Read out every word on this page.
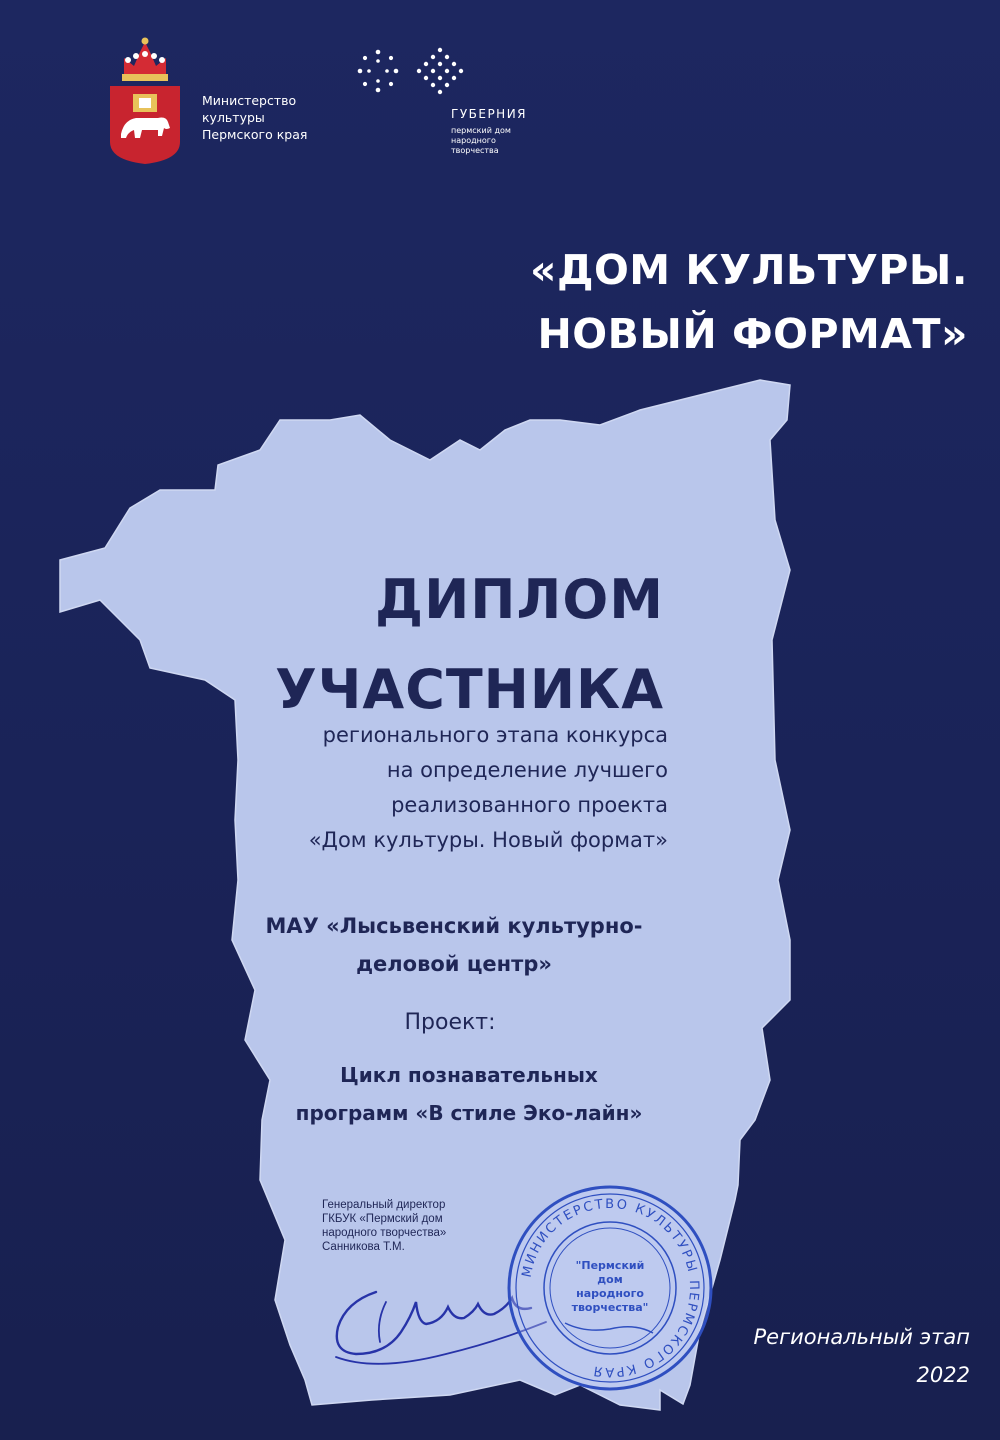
Министерство
культуры
Пермского края
ГУБЕРНИЯ
пермский дом
народного
творчества
«ДОМ КУЛЬТУРЫ.
НОВЫЙ ФОРМАТ»
ДИПЛОМ
УЧАСТНИКА
регионального этапа конкурса
на определение лучшего
реализованного проекта
«Дом культуры. Новый формат»
МАУ «Лысьвенский культурно-
деловой центр»
Проект:
Цикл познавательных
программ «В стиле Эко-лайн»
Генеральный директор
ГКБУК «Пермский дом
народного творчества»
Санникова Т.М.
МИНИСТЕРСТВО КУЛЬТУРЫ ПЕРМСКОГО КРАЯ
"Пермский
дом
народного
творчества"
Региональный этап
2022
